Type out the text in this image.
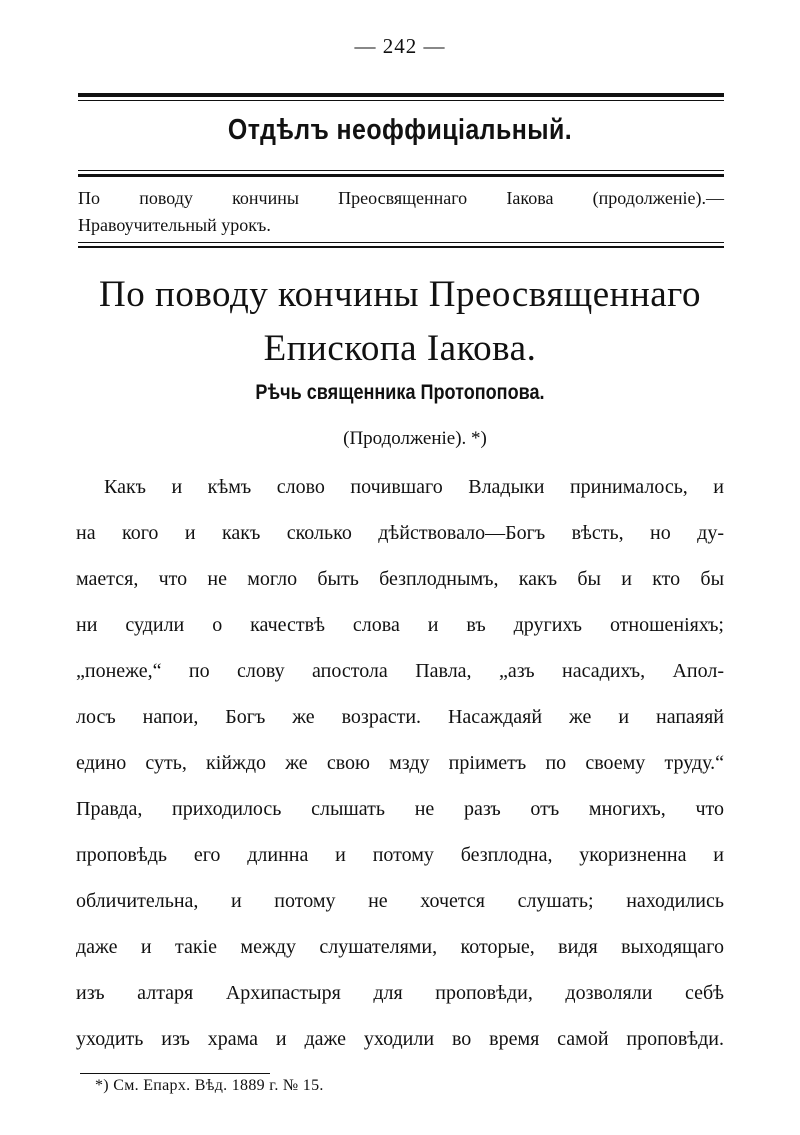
— 242 —
Отдѣлъ неоффиціальный.
По поводу кончины Преосвященнаго Іакова (продолженіе).—
Нравоучительный урокъ.
По поводу кончины Преосвященнаго
Епископа Іакова.
Рѣчь священника Протопопова.
(Продолженіе). *)
Какъ и кѣмъ слово почившаго Владыки принималось, и
на кого и какъ сколько дѣйствовало—Богъ вѣсть, но ду-
мается, что не могло быть безплоднымъ, какъ бы и кто бы
ни судили о качествѣ слова и въ другихъ отношеніяхъ;
„понеже,“ по слову апостола Павла, „азъ насадихъ, Апол-
лосъ напои, Богъ же возрасти. Насаждаяй же и напаяяй
едино суть, кійждо же свою мзду пріиметъ по своему труду.“
Правда, приходилось слышать не разъ отъ многихъ, что
проповѣдь его длинна и потому безплодна, укоризненна и
обличительна, и потому не хочется слушать; находились
даже и такіе между слушателями, которые, видя выходящаго
изъ алтаря Архипастыря для проповѣди, дозволяли себѣ
уходить изъ храма и даже уходили во время самой проповѣди.
*) См. Епарх. Вѣд. 1889 г. № 15.
